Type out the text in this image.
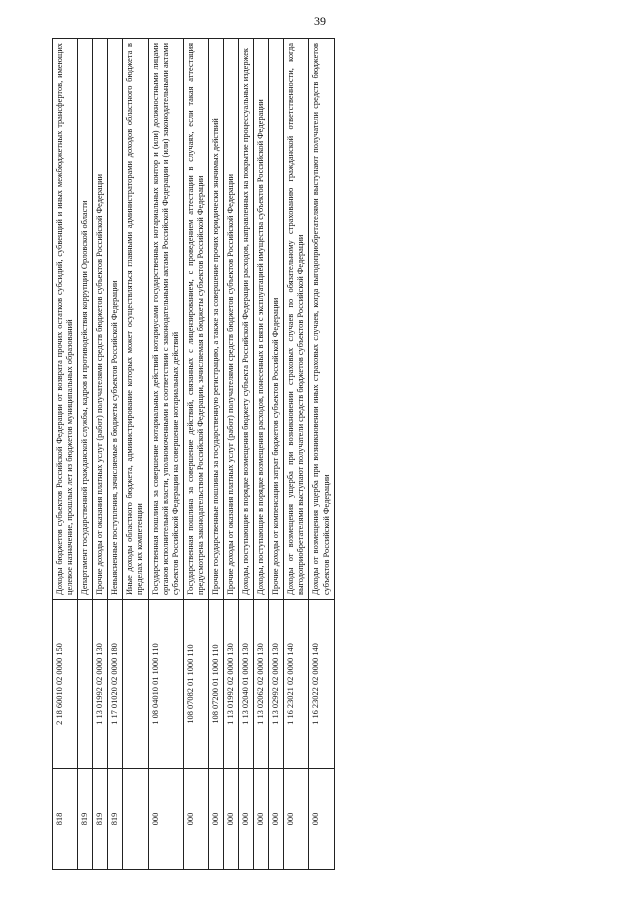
39
818	2 18 60010 02 0000 150	Доходы бюджетов субъектов Российской Федерации от возврата прочих остатков субсидий, субвенций и иных межбюджетных трансфертов, имеющих целевое назначение, прошлых лет из бюджетов муниципальных образований
819		Департамент государственной гражданской службы, кадров и противодействия коррупции Орловской области
819	1 13 01992 02 0000 130	Прочие доходы от оказания платных услуг (работ) получателями средств бюджетов субъектов Российской Федерации
819	1 17 01020 02 0000 180	Невыясненные поступления, зачисляемые в бюджеты субъектов Российской Федерации
		Иные доходы областного бюджета, администрирование которых может осуществляться главными администраторами доходов областного бюджета в пределах их компетенции
000	1 08 04010 01 1000 110	Государственная пошлина за совершение нотариальных действий нотариусами государственных нотариальных контор и (или) должностными лицами органов исполнительной власти, уполномоченными в соответствии с законодательными актами Российской Федерации и (или) законодательными актами субъектов Российской Федерации на совершение нотариальных действий
000	108 07082 01 1000 110	Государственная пошлина за совершение действий, связанных с лицензированием, с проведением аттестации в случаях, если такая аттестация предусмотрена законодательством Российской Федерации, зачисляемая в бюджеты субъектов Российской Федерации
000	108 07200 01 1000 110	Прочие государственные пошлины за государственную регистрацию, а также за совершение прочих юридически значимых действий
000	1 13 01992 02 0000 130	Прочие доходы от оказания платных услуг (работ) получателями средств бюджетов субъектов Российской Федерации
000	1 13 02040 01 0000 130	Доходы, поступающие в порядке возмещения бюджету субъекта Российской Федерации расходов, направленных на покрытие процессуальных издержек
000	1 13 02062 02 0000 130	Доходы, поступающие в порядке возмещения расходов, понесенных в связи с эксплуатацией имущества субъектов Российской Федерации
000	1 13 02992 02 0000 130	Прочие доходы от компенсации затрат бюджетов субъектов Российской Федерации
000	1 16 23021 02 0000 140	Доходы от возмещения ущерба при возникновении страховых случаев по обязательному страхованию гражданской ответственности, когда выгодоприобретателями выступают получатели средств бюджетов субъектов Российской Федерации
000	1 16 23022 02 0000 140	Доходы от возмещения ущерба при возникновении иных страховых случаев, когда выгодоприобретателями выступают получатели средств бюджетов субъектов Российской Федерации
